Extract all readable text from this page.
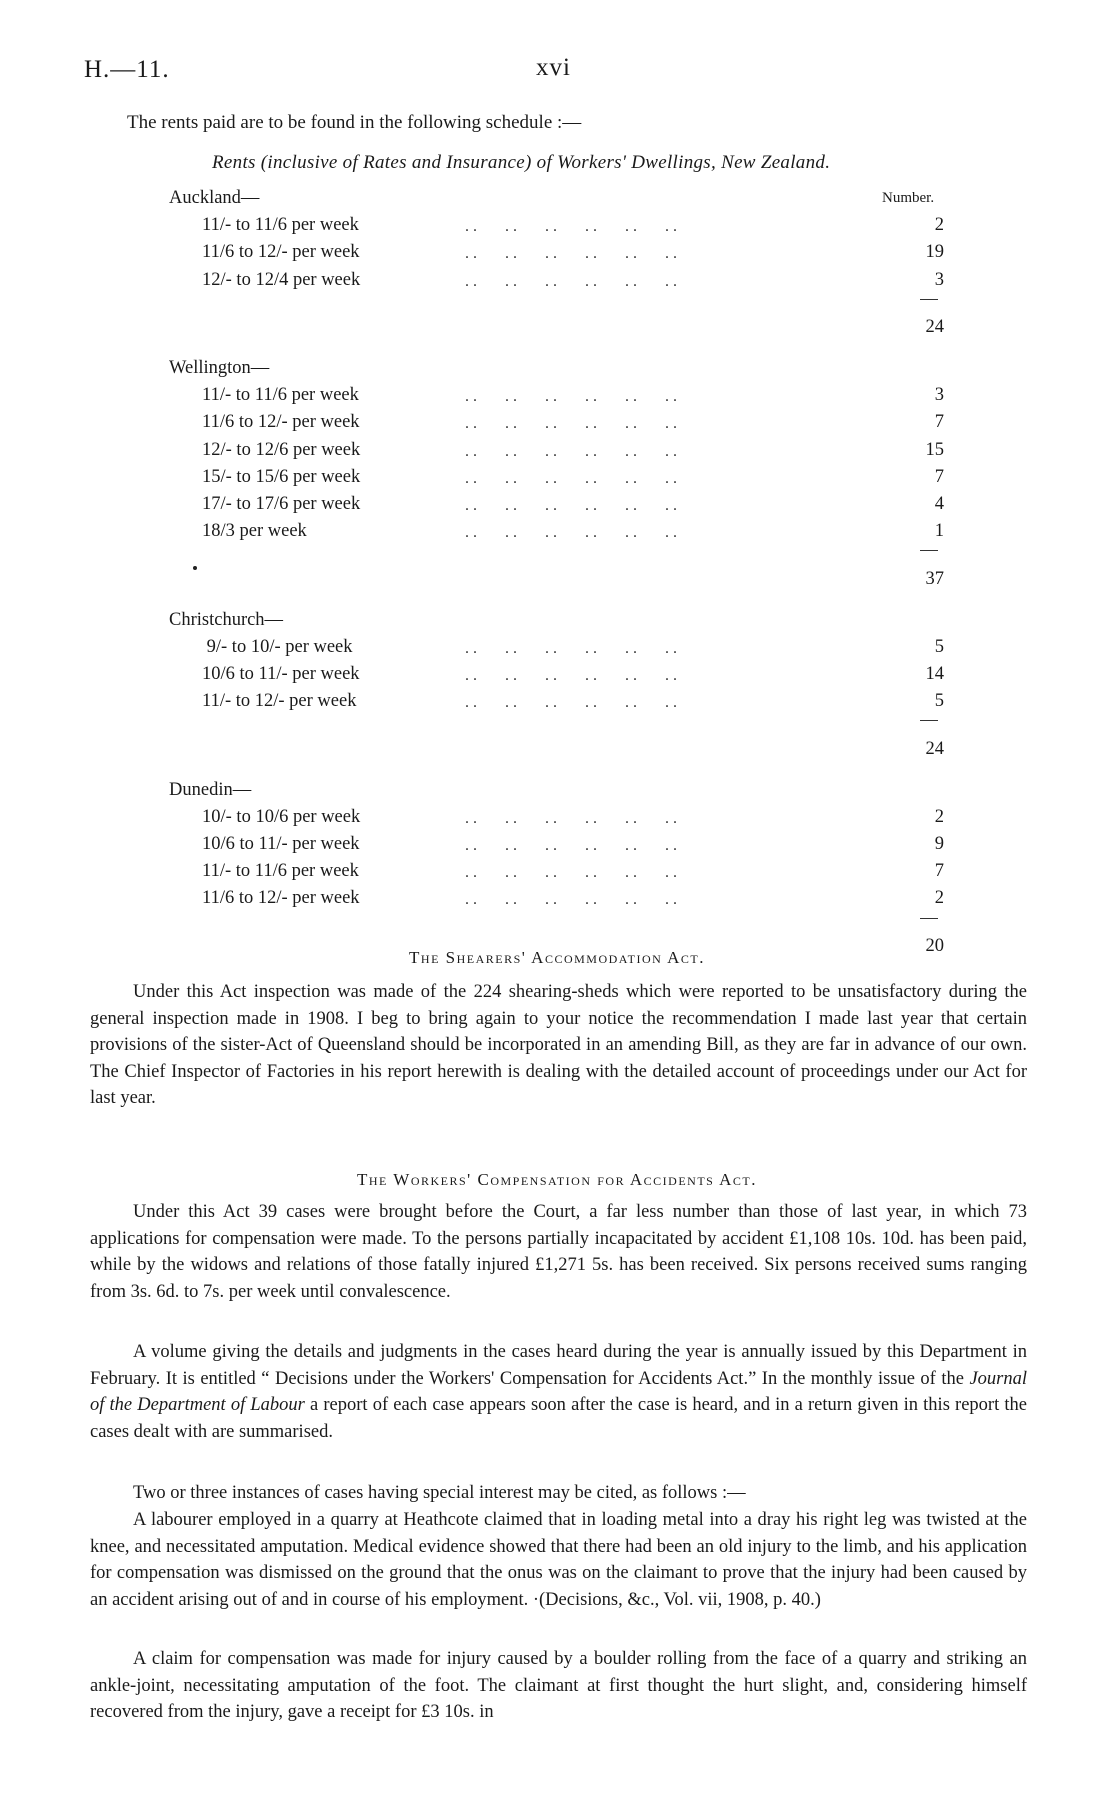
H.—11.	xvi
The rents paid are to be found in the following schedule :—
Rents (inclusive of Rates and Insurance) of Workers' Dwellings, New Zealand.
Number.
Auckland—
11/- to 11/6 per week	. .       . .       . .       . .       . .       . .	2
11/6 to 12/- per week	. .       . .       . .       . .       . .       . .	19
12/- to 12/4 per week	. .       . .       . .       . .       . .       . .	3
24
Wellington—
11/- to 11/6 per week	. .       . .       . .       . .       . .       . .	3
11/6 to 12/- per week	. .       . .       . .       . .       . .       . .	7
12/- to 12/6 per week	. .       . .       . .       . .       . .       . .	15
15/- to 15/6 per week	. .       . .       . .       . .       . .       . .	7
17/- to 17/6 per week	. .       . .       . .       . .       . .       . .	4
18/3 per week	. .       . .       . .       . .       . .       . .	1
37
Christchurch—
9/- to 10/- per week	. .       . .       . .       . .       . .       . .	5
10/6 to 11/- per week	. .       . .       . .       . .       . .       . .	14
11/- to 12/- per week	. .       . .       . .       . .       . .       . .	5
24
Dunedin—
10/- to 10/6 per week	. .       . .       . .       . .       . .       . .	2
10/6 to 11/- per week	. .       . .       . .       . .       . .       . .	9
11/- to 11/6 per week	. .       . .       . .       . .       . .       . .	7
11/6 to 12/- per week	. .       . .       . .       . .       . .       . .	2
20
The Shearers' Accommodation Act.

Under this Act inspection was made of the 224 shearing-sheds which were reported to be unsatisfactory during the general inspection made in 1908. I beg to bring again to your notice the recommendation I made last year that certain provisions of the sister-Act of Queensland should be incorporated in an amending Bill, as they are far in advance of our own. The Chief Inspector of Factories in his report herewith is dealing with the detailed account of proceedings under our Act for last year.

The Workers' Compensation for Accidents Act.

Under this Act 39 cases were brought before the Court, a far less number than those of last year, in which 73 applications for compensation were made. To the persons partially incapacitated by accident £1,108 10s. 10d. has been paid, while by the widows and relations of those fatally injured £1,271 5s. has been received. Six persons received sums ranging from 3s. 6d. to 7s. per week until convalescence.

A volume giving the details and judgments in the cases heard during the year is annually issued by this Department in February. It is entitled “ Decisions under the Workers' Compensation for Accidents Act.” In the monthly issue of the Journal of the Department of Labour a report of each case appears soon after the case is heard, and in a return given in this report the cases dealt with are summarised.

Two or three instances of cases having special interest may be cited, as follows :—

A labourer employed in a quarry at Heathcote claimed that in loading metal into a dray his right leg was twisted at the knee, and necessitated amputation. Medical evidence showed that there had been an old injury to the limb, and his application for compensation was dismissed on the ground that the onus was on the claimant to prove that the injury had been caused by an accident arising out of and in course of his employment. ·(Decisions, &c., Vol. vii, 1908, p. 40.)

A claim for compensation was made for injury caused by a boulder rolling from the face of a quarry and striking an ankle-joint, necessitating amputation of the foot. The claimant at first thought the hurt slight, and, considering himself recovered from the injury, gave a receipt for £3 10s. in
